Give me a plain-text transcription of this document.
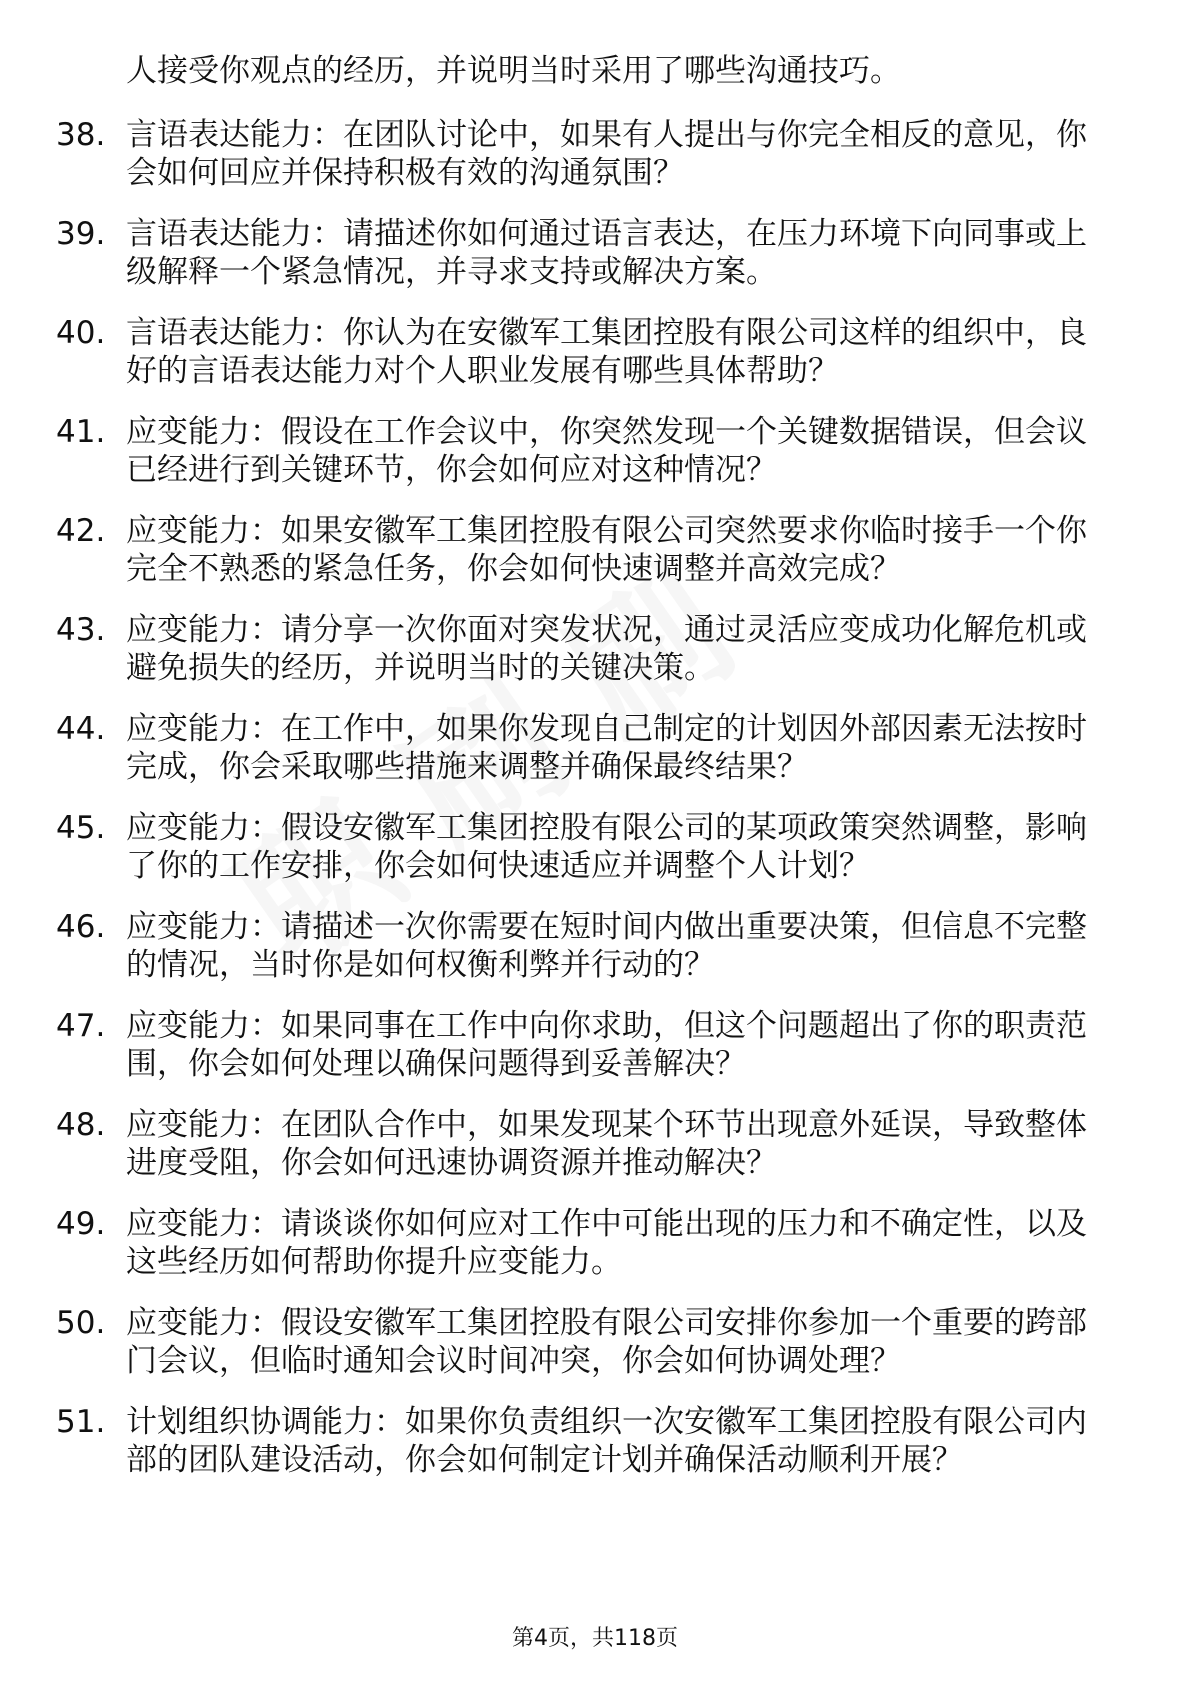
人接受你观点的经历，并说明当时采用了哪些沟通技巧。
38. 言语表达能力：在团队讨论中，如果有人提出与你完全相反的意见，你会如何回应并保持积极有效的沟通氛围？
39. 言语表达能力：请描述你如何通过语言表达，在压力环境下向同事或上级解释一个紧急情况，并寻求支持或解决方案。
40. 言语表达能力：你认为在安徽军工集团控股有限公司这样的组织中，良好的言语表达能力对个人职业发展有哪些具体帮助？
41. 应变能力：假设在工作会议中，你突然发现一个关键数据错误，但会议已经进行到关键环节，你会如何应对这种情况？
42. 应变能力：如果安徽军工集团控股有限公司突然要求你临时接手一个你完全不熟悉的紧急任务，你会如何快速调整并高效完成？
43. 应变能力：请分享一次你面对突发状况，通过灵活应变成功化解危机或避免损失的经历，并说明当时的关键决策。
44. 应变能力：在工作中，如果你发现自己制定的计划因外部因素无法按时完成，你会采取哪些措施来调整并确保最终结果？
45. 应变能力：假设安徽军工集团控股有限公司的某项政策突然调整，影响了你的工作安排，你会如何快速适应并调整个人计划？
46. 应变能力：请描述一次你需要在短时间内做出重要决策，但信息不完整的情况，当时你是如何权衡利弊并行动的？
47. 应变能力：如果同事在工作中向你求助，但这个问题超出了你的职责范围，你会如何处理以确保问题得到妥善解决？
48. 应变能力：在团队合作中，如果发现某个环节出现意外延误，导致整体进度受阻，你会如何迅速协调资源并推动解决？
49. 应变能力：请谈谈你如何应对工作中可能出现的压力和不确定性，以及这些经历如何帮助你提升应变能力。
50. 应变能力：假设安徽军工集团控股有限公司安排你参加一个重要的跨部门会议，但临时通知会议时间冲突，你会如何协调处理？
51. 计划组织协调能力：如果你负责组织一次安徽军工集团控股有限公司内部的团队建设活动，你会如何制定计划并确保活动顺利开展？
第4页，共118页
